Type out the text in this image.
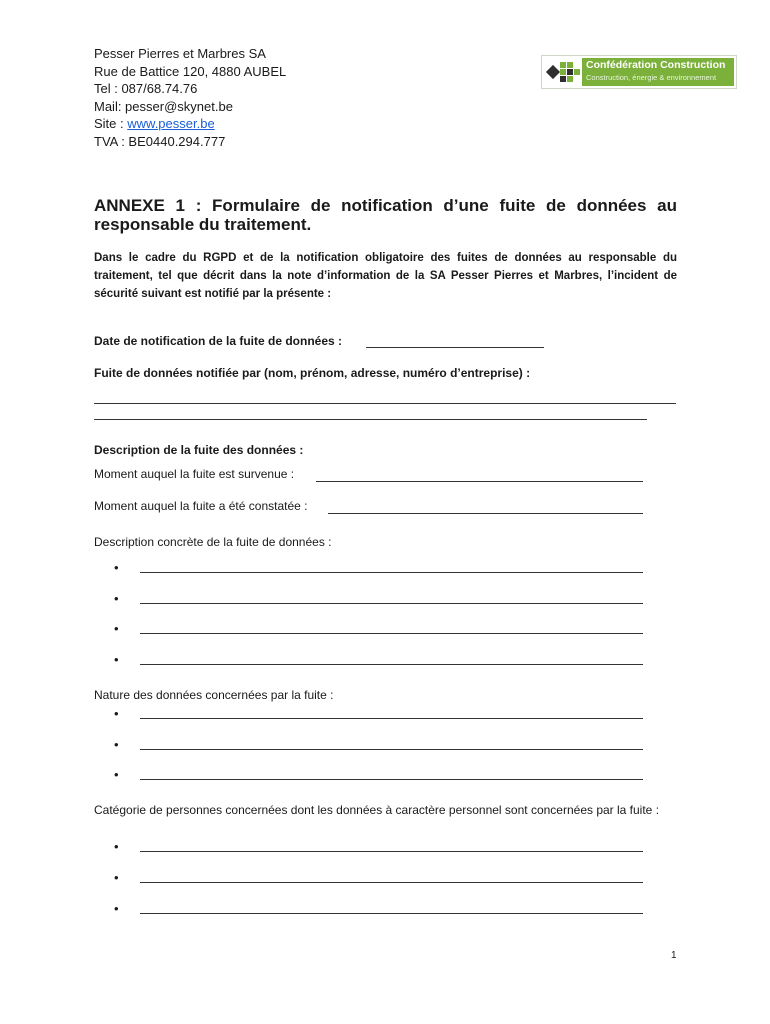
Pesser Pierres et Marbres SA
Rue de Battice 120, 4880 AUBEL
Tel : 087/68.74.76
Mail: pesser@skynet.be
Site : www.pesser.be
TVA : BE0440.294.777
Confédération Construction
Construction, énergie & environnement
ANNEXE 1 : Formulaire de notification d’une fuite de données au responsable du traitement.
Dans le cadre du RGPD et de la notification obligatoire des fuites de données au responsable du traitement, tel que décrit dans la note d’information de la SA Pesser Pierres et Marbres, l’incident de sécurité suivant est notifié par la présente :
Date de notification de la fuite de données :
Fuite de données notifiée par (nom, prénom, adresse, numéro d’entreprise) :
Description de la fuite des données :
Moment auquel la fuite est survenue :
Moment auquel la fuite a été constatée :
Description concrète de la fuite de données :
•
•
•
•
Nature des données concernées par la fuite :
•
•
•
Catégorie de personnes concernées dont les données à caractère personnel sont concernées par la fuite :
•
•
•
1
